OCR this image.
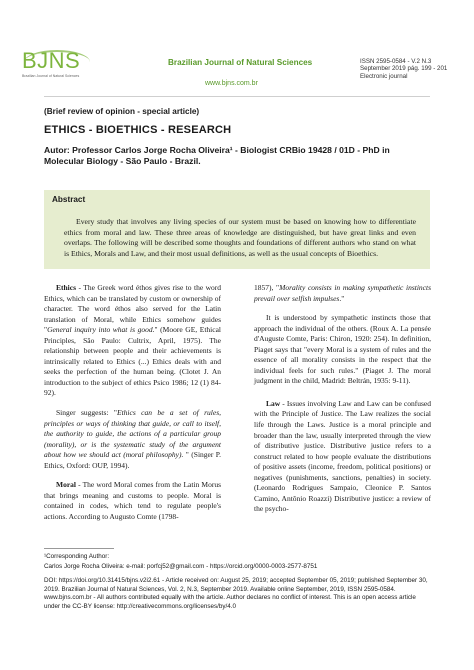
BJNS
Brazilian Journal of Natural Sciences
Brazilian Journal of Natural Sciences
www.bjns.com.br
ISSN 2595-0584 - V.2 N.3
September 2019 pág. 199 - 201
Electronic journal
(Brief review of opinion - special article)
ETHICS - BIOETHICS - RESEARCH
Autor: Professor Carlos Jorge Rocha Oliveira¹ - Biologist CRBio 19428 / 01D - PhD in Molecular Biology - São Paulo - Brazil.
Abstract
Every study that involves any living species of our system must be based on knowing how to differentiate ethics from moral and law. These three areas of knowledge are distinguished, but have great links and even overlaps. The following will be described some thoughts and foundations of different authors who stand on what is Ethics, Morals and Law, and their most usual definitions, as well as the usual concepts of Bioethics.

Ethics - The Greek word éthos gives rise to the word Ethics, which can be translated by custom or ownership of character. The word éthos also served for the Latin translation of Moral, while Ethics somehow guides "General inquiry into what is good." (Moore GE, Ethical Principles, São Paulo: Cultrix, April, 1975). The relationship between people and their achievements is intrinsically related to Ethics (...) Ethics deals with and seeks the perfection of the human being. (Clotet J. An introduction to the subject of ethics Psico 1986; 12 (1) 84-92).

Singer suggests: "Ethics can be a set of rules, principles or ways of thinking that guide, or call to itself, the authority to guide, the actions of a particular group (morality), or is the systematic study of the argument about how we should act (moral philosophy). " (Singer P. Ethics, Oxford: OUP, 1994).

Moral - The word Moral comes from the Latin Morus that brings meaning and customs to people. Moral is contained in codes, which tend to regulate people's actions. According to Augusto Comte (1798-

1857), "Morality consists in making sympathetic instincts prevail over selfish impulses."

It is understood by sympathetic instincts those that approach the individual of the others. (Roux A. La pensée d'Auguste Comte, Paris: Chiron, 1920: 254). In definition, Piaget says that "every Moral is a system of rules and the essence of all morality consists in the respect that the individual feels for such rules." (Piaget J. The moral judgment in the child, Madrid: Beltrán, 1935: 9-11).

Law - Issues involving Law and Law can be confused with the Principle of Justice. The Law realizes the social life through the Laws. Justice is a moral principle and broader than the law, usually interpreted through the view of distributive justice. Distributive justice refers to a construct related to how people evaluate the distributions of positive assets (income, freedom, political positions) or negatives (punishments, sanctions, penalties) in society. (Leonardo Rodrigues Sampaio, Cleonice P. Santos Camino, Antônio Roazzi) Distributive justice: a review of the psycho-

¹Corresponding Author:
Carlos Jorge Rocha Oliveira: e-mail: porfcj52@gmail.com - https://orcid.org/0000-0003-2577-8751
DOI: https://doi.org/10.31415/bjns.v2i2.61 - Article received on: August 25, 2019; accepted September 05, 2019; published September 30, 2019. Brazilian Journal of Natural Sciences, Vol. 2, N.3, September 2019. Available online September, 2019, ISSN 2595-0584. www.bjns.com.br - All authors contributed equally with the article. Author declares no conflict of interest. This is an open access article under the CC-BY license: http://creativecommons.org/licenses/by/4.0
